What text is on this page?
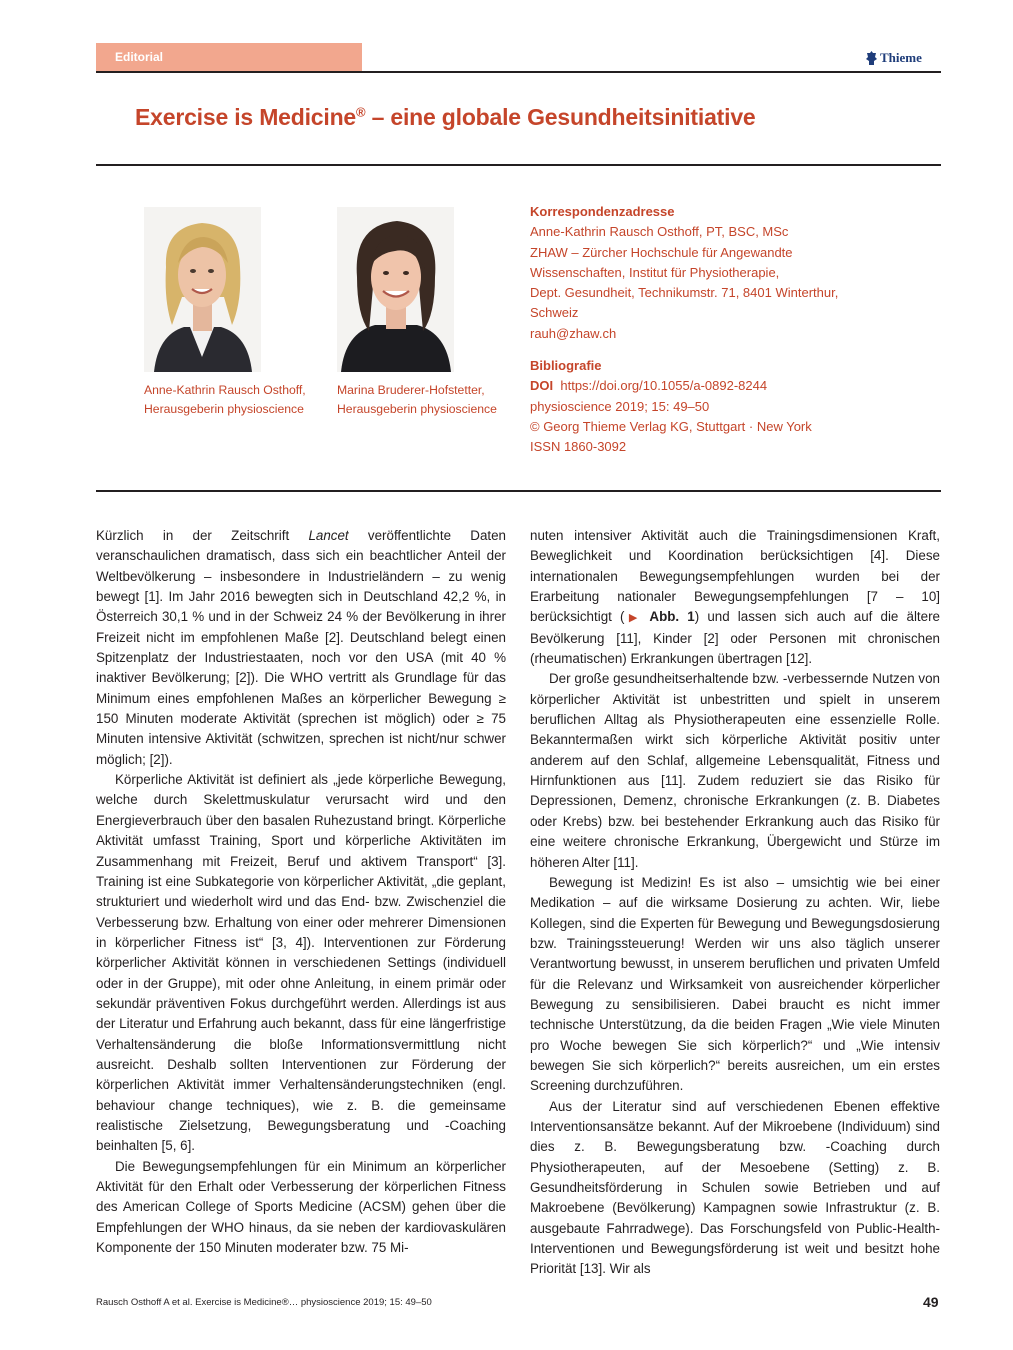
Editorial	Thieme
Exercise is Medicine® – eine globale Gesundheitsinitiative
Anne-Kathrin Rausch Osthoff,
Herausgeberin physioscience
Marina Bruderer-Hofstetter,
Herausgeberin physioscience
Korrespondenzadresse
Anne-Kathrin Rausch Osthoff, PT, BSC, MSc
ZHAW – Zürcher Hochschule für Angewandte
Wissenschaften, Institut für Physiotherapie,
Dept. Gesundheit, Technikumstr. 71, 8401 Winterthur,
Schweiz
rauh@zhaw.ch
Bibliografie
DOI https://doi.org/10.1055/a-0892-8244
physioscience 2019; 15: 49–50
© Georg Thieme Verlag KG, Stuttgart · New York
ISSN 1860-3092

Kürzlich in der Zeitschrift Lancet veröffentlichte Daten veranschaulichen dramatisch, dass sich ein beachtlicher Anteil der Weltbevölkerung – insbesondere in Industrieländern – zu wenig bewegt [1]. Im Jahr 2016 bewegten sich in Deutschland 42,2 %, in Österreich 30,1 % und in der Schweiz 24 % der Bevölkerung in ihrer Freizeit nicht im empfohlenen Maße [2]. Deutschland belegt einen Spitzenplatz der Industriestaaten, noch vor den USA (mit 40 % inaktiver Bevölkerung; [2]). Die WHO vertritt als Grundlage für das Minimum eines empfohlenen Maßes an körperlicher Bewegung ≥ 150 Minuten moderate Aktivität (sprechen ist möglich) oder ≥ 75 Minuten intensive Aktivität (schwitzen, sprechen ist nicht/nur schwer möglich; [2]).

Körperliche Aktivität ist definiert als „jede körperliche Bewegung, welche durch Skelettmuskulatur verursacht wird und den Energieverbrauch über den basalen Ruhezustand bringt. Körperliche Aktivität umfasst Training, Sport und körperliche Aktivitäten im Zusammenhang mit Freizeit, Beruf und aktivem Transport“ [3]. Training ist eine Subkategorie von körperlicher Aktivität, „die geplant, strukturiert und wiederholt wird und das End- bzw. Zwischenziel die Verbesserung bzw. Erhaltung von einer oder mehrerer Dimensionen in körperlicher Fitness ist“ [3, 4]). Interventionen zur Förderung körperlicher Aktivität können in verschiedenen Settings (individuell oder in der Gruppe), mit oder ohne Anleitung, in einem primär oder sekundär präventiven Fokus durchgeführt werden. Allerdings ist aus der Literatur und Erfahrung auch bekannt, dass für eine längerfristige Verhaltensänderung die bloße Informationsvermittlung nicht ausreicht. Deshalb sollten Interventionen zur Förderung der körperlichen Aktivität immer Verhaltensänderungstechniken (engl. behaviour change techniques), wie z. B. die gemeinsame realistische Zielsetzung, Bewegungsberatung und -Coaching beinhalten [5, 6].

Die Bewegungsempfehlungen für ein Minimum an körperlicher Aktivität für den Erhalt oder Verbesserung der körperlichen Fitness des American College of Sports Medicine (ACSM) gehen über die Empfehlungen der WHO hinaus, da sie neben der kardiovaskulären Komponente der 150 Minuten moderater bzw. 75 Mi-

nuten intensiver Aktivität auch die Trainingsdimensionen Kraft, Beweglichkeit und Koordination berücksichtigen [4]. Diese internationalen Bewegungsempfehlungen wurden bei der Erarbeitung nationaler Bewegungsempfehlungen [7 – 10] berücksichtigt (▶ Abb. 1) und lassen sich auch auf die ältere Bevölkerung [11], Kinder [2] oder Personen mit chronischen (rheumatischen) Erkrankungen übertragen [12].

Der große gesundheitserhaltende bzw. -verbessernde Nutzen von körperlicher Aktivität ist unbestritten und spielt in unserem beruflichen Alltag als Physiotherapeuten eine essenzielle Rolle. Bekanntermaßen wirkt sich körperliche Aktivität positiv unter anderem auf den Schlaf, allgemeine Lebensqualität, Fitness und Hirnfunktionen aus [11]. Zudem reduziert sie das Risiko für Depressionen, Demenz, chronische Erkrankungen (z. B. Diabetes oder Krebs) bzw. bei bestehender Erkrankung auch das Risiko für eine weitere chronische Erkrankung, Übergewicht und Stürze im höheren Alter [11].

Bewegung ist Medizin! Es ist also – umsichtig wie bei einer Medikation – auf die wirksame Dosierung zu achten. Wir, liebe Kollegen, sind die Experten für Bewegung und Bewegungsdosierung bzw. Trainingssteuerung! Werden wir uns also täglich unserer Verantwortung bewusst, in unserem beruflichen und privaten Umfeld für die Relevanz und Wirksamkeit von ausreichender körperlicher Bewegung zu sensibilisieren. Dabei braucht es nicht immer technische Unterstützung, da die beiden Fragen „Wie viele Minuten pro Woche bewegen Sie sich körperlich?“ und „Wie intensiv bewegen Sie sich körperlich?“ bereits ausreichen, um ein erstes Screening durchzuführen.

Aus der Literatur sind auf verschiedenen Ebenen effektive Interventionsansätze bekannt. Auf der Mikroebene (Individuum) sind dies z. B. Bewegungsberatung bzw. -Coaching durch Physiotherapeuten, auf der Mesoebene (Setting) z. B. Gesundheitsförderung in Schulen sowie Betrieben und auf Makroebene (Bevölkerung) Kampagnen sowie Infrastruktur (z. B. ausgebaute Fahrradwege). Das Forschungsfeld von Public-Health-Interventionen und Bewegungsförderung ist weit und besitzt hohe Priorität [13]. Wir als

Rausch Osthoff A et al. Exercise is Medicine®… physioscience 2019; 15: 49–50	49
